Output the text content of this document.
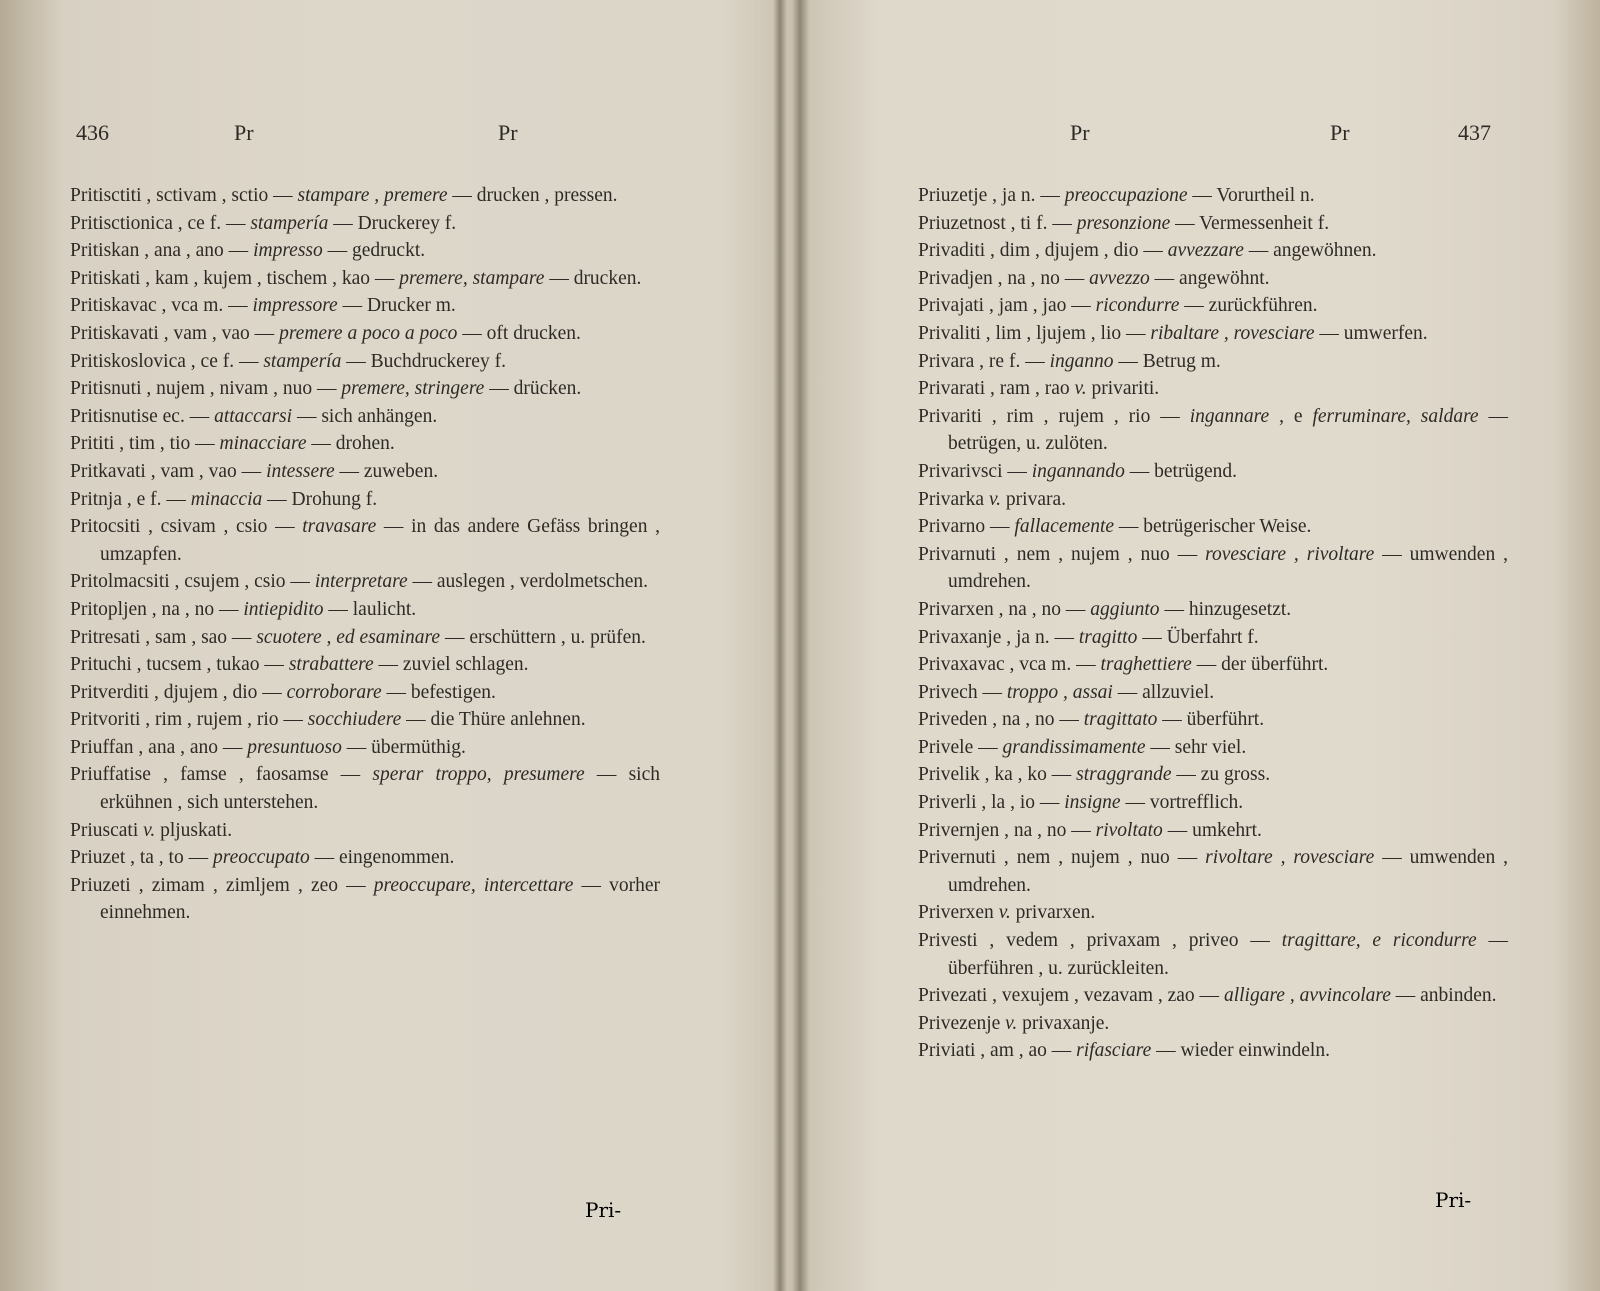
436	Pr	Pr

Pritisctiti , sctivam , sctio — stampare , premere — drucken , pressen.

Pritisctionica , ce f. — stampería — Druckerey f.

Pritiskan , ana , ano — impresso — gedruckt.

Pritiskati , kam , kujem , tischem , kao — premere, stampare — drucken.

Pritiskavac , vca m. — impressore — Drucker m.

Pritiskavati , vam , vao — premere a poco a poco — oft drucken.

Pritiskoslovica , ce f. — stampería — Buchdruckerey f.

Pritisnuti , nujem , nivam , nuo — premere, stringere — drücken.

Pritisnutise ec. — attaccarsi — sich anhängen.

Prititi , tim , tio — minacciare — drohen.

Pritkavati , vam , vao — intessere — zuweben.

Pritnja , e f. — minaccia — Drohung f.

Pritocsiti , csivam , csio — travasare — in das andere Gefäss bringen , umzapfen.

Pritolmacsiti , csujem , csio — interpretare — auslegen , verdolmetschen.

Pritopljen , na , no — intiepidito — laulicht.

Pritresati , sam , sao — scuotere , ed esaminare — erschüttern , u. prüfen.

Prituchi , tucsem , tukao — strabattere — zuviel schlagen.

Pritverditi , djujem , dio — corroborare — befestigen.

Pritvoriti , rim , rujem , rio — socchiudere — die Thüre anlehnen.

Priuffan , ana , ano — presuntuoso — übermüthig.

Priuffatise , famse , faosamse — sperar troppo, presumere — sich erkühnen , sich unterstehen.

Priuscati v. pljuskati.

Priuzet , ta , to — preoccupato — eingenommen.

Priuzeti , zimam , zimljem , zeo — preoccupare, intercettare — vorher einnehmen.

Pri-
Pr	Pr	437

Priuzetje , ja n. — preoccupazione — Vorurtheil n.

Priuzetnost , ti f. — presonzione — Vermessenheit f.

Privaditi , dim , djujem , dio — avvezzare — angewöhnen.

Privadjen , na , no — avvezzo — angewöhnt.

Privajati , jam , jao — ricondurre — zurückführen.

Privaliti , lim , ljujem , lio — ribaltare , rovesciare — umwerfen.

Privara , re f. — inganno — Betrug m.

Privarati , ram , rao v. privariti.

Privariti , rim , rujem , rio — ingannare , e ferruminare, saldare — betrügen, u. zulöten.

Privarivsci — ingannando — betrügend.

Privarka v. privara.

Privarno — fallacemente — betrügerischer Weise.

Privarnuti , nem , nujem , nuo — rovesciare , rivoltare — umwenden , umdrehen.

Privarxen , na , no — aggiunto — hinzugesetzt.

Privaxanje , ja n. — tragitto — Überfahrt f.

Privaxavac , vca m. — traghettiere — der überführt.

Privech — troppo , assai — allzuviel.

Priveden , na , no — tragittato — überführt.

Privele — grandissimamente — sehr viel.

Privelik , ka , ko — straggrande — zu gross.

Priverli , la , io — insigne — vortrefflich.

Privernjen , na , no — rivoltato — umkehrt.

Privernuti , nem , nujem , nuo — rivoltare , rovesciare — umwenden , umdrehen.

Priverxen v. privarxen.

Privesti , vedem , privaxam , priveo — tragittare, e ricondurre — überführen , u. zurückleiten.

Privezati , vexujem , vezavam , zao — alligare , avvincolare — anbinden.

Privezenje v. privaxanje.

Priviati , am , ao — rifasciare — wieder einwindeln.

Pri-
